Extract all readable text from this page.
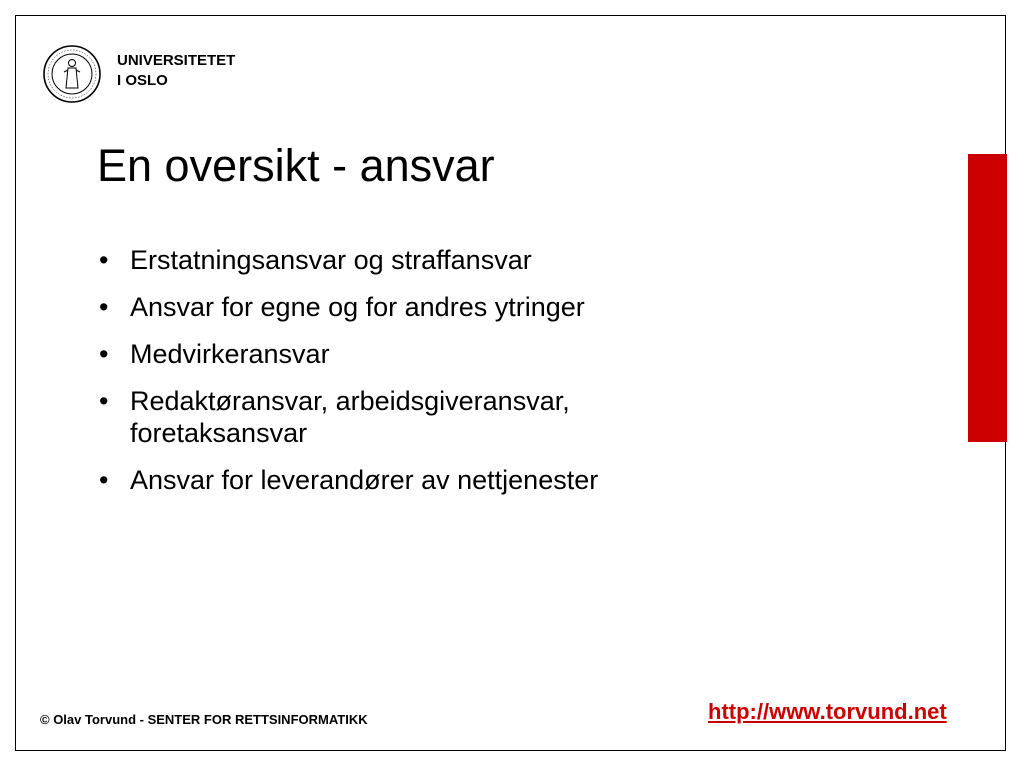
UNIVERSITETET
I OSLO
En oversikt - ansvar
• Erstatningsansvar og straffansvar
• Ansvar for egne og for andres ytringer
• Medvirkeransvar
• Redaktøransvar, arbeidsgiveransvar,
foretaksansvar
• Ansvar for leverandører av nettjenester
© Olav Torvund - SENTER FOR RETTSINFORMATIKK	http://www.torvund.net
